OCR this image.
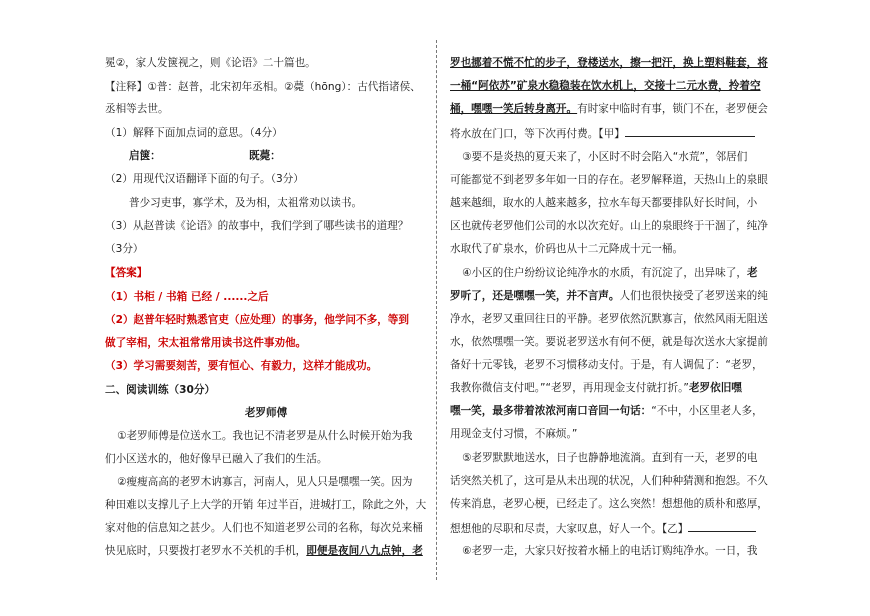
冕②，家人发箧视之，则《论语》二十篇也。
【注释】①普：赵普，北宋初年丞相。②薨（hōng）：古代指诸侯、
丞相等去世。
（1）解释下面加点词的意思。（4分）
启箧：	既薨：
（2）用现代汉语翻译下面的句子。（3分）
普少习吏事，寡学术，及为相，太祖常劝以读书。
（3）从赵普读《论语》的故事中，我们学到了哪些读书的道理？
（3分）
【答案】
（1）书柜 / 书箱 已经 / ......之后
（2）赵普年轻时熟悉官吏（应处理）的事务，他学问不多，等到
做了宰相，宋太祖常常用读书这件事劝他。
（3）学习需要刻苦，要有恒心、有毅力，这样才能成功。
二、阅读训练（30分）
老罗师傅
①老罗师傅是位送水工。我也记不清老罗是从什么时候开始为我
们小区送水的，他好像早已融入了我们的生活。
②瘦瘦高高的老罗木讷寡言，河南人，见人只是嘿嘿一笑。因为
种田难以支撑儿子上大学的开销 年过半百，进城打工，除此之外，大
家对他的信息知之甚少。人们也不知道老罗公司的名称，每次兑来桶
快见底时，只要拨打老罗水不关机的手机，即便是夜间八九点钟，老
罗也挪着不慌不忙的步子，登楼送水，擦一把汗，换上塑料鞋套，将
一桶“阿依苏”矿泉水稳稳装在饮水机上，交接十二元水费，拎着空
桶，嘿嘿一笑后转身离开。有时家中临时有事，锁门不在，老罗便会
将水放在门口，等下次再付费。【甲】
③要不是炎热的夏天来了，小区时不时会陷入“水荒”，邻居们
可能都觉不到老罗多年如一日的存在。老罗解释道，天热山上的泉眼
越来越细，取水的人越来越多，拉水车每天都要排队好长时间，小
区也就传老罗他们公司的水以次充好。山上的泉眼终于干涸了，纯净
水取代了矿泉水，价码也从十二元降成十元一桶。
④小区的住户纷纷议论纯净水的水质，有沉淀了，出异味了，老
罗听了，还是嘿嘿一笑，并不言声。人们也很快接受了老罗送来的纯
净水，老罗又重回往日的平静。老罗依然沉默寡言，依然风雨无阻送
水，依然嘿嘿一笑。要说老罗送水有何不便，就是每次送水大家提前
备好十元零钱，老罗不习惯移动支付。于是，有人调侃了：“老罗，
我教你微信支付吧。”“老罗，再用现金支付就打折。”老罗依旧嘿
嘿一笑，最多带着浓浓河南口音回一句话：“不中，小区里老人多，
用现金支付习惯，不麻烦。”
⑤老罗默默地送水，日子也静静地流淌。直到有一天，老罗的电
话突然关机了，这可是从未出现的状况，人们种种猜测和抱怨。不久
传来消息，老罗心梗，已经走了。这么突然！想想他的质朴和憨厚，
想想他的尽职和尽责，大家叹息，好人一个。【乙】
⑥老罗一走，大家只好按着水桶上的电话订购纯净水。一日，我
